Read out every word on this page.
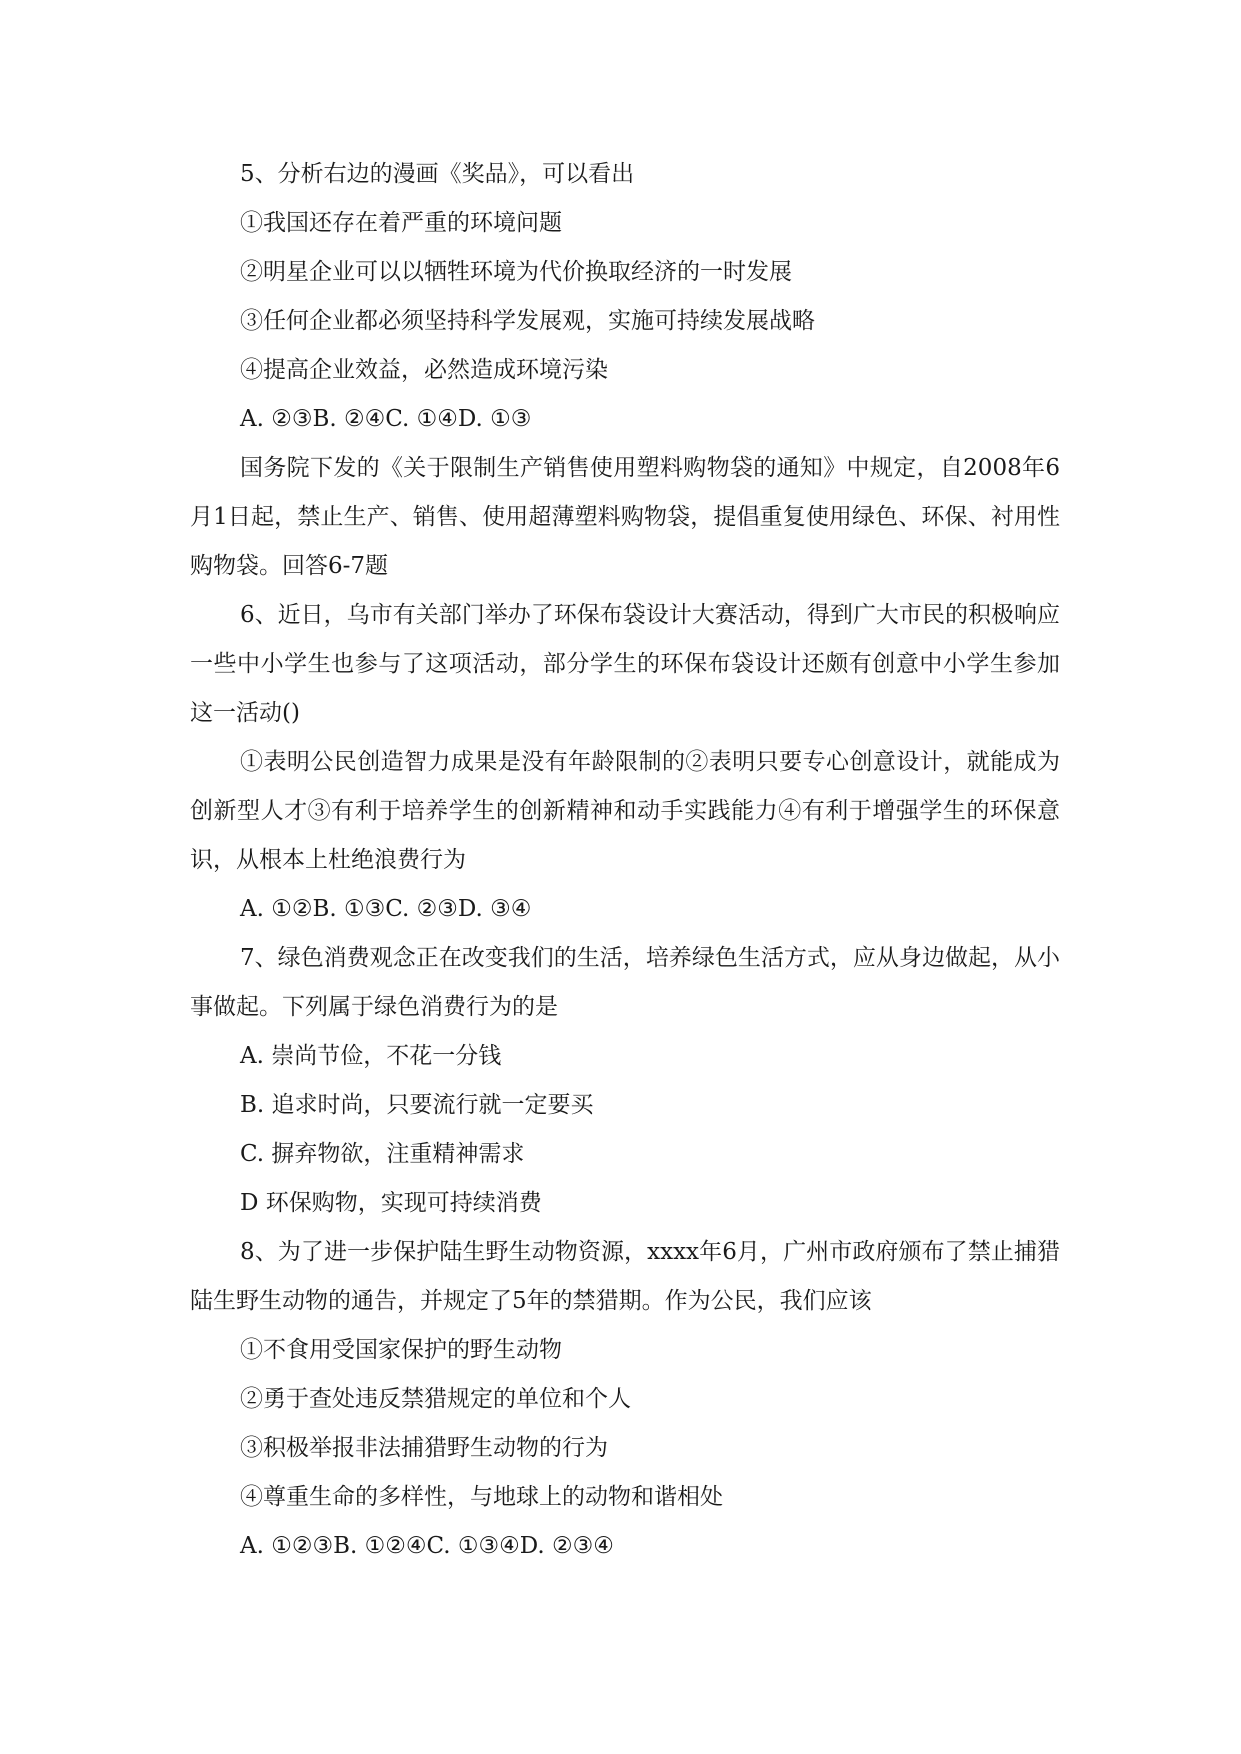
5、分析右边的漫画《奖品》，可以看出

①我国还存在着严重的环境问题

②明星企业可以以牺牲环境为代价换取经济的一时发展

③任何企业都必须坚持科学发展观，实施可持续发展战略

④提高企业效益，必然造成环境污染

A. ②③B. ②④C. ①④D. ①③

国务院下发的《关于限制生产销售使用塑料购物袋的通知》中规定，自2008年6月1日起，禁止生产、销售、使用超薄塑料购物袋，提倡重复使用绿色、环保、衬用性购物袋。回答6-7题

6、近日，乌市有关部门举办了环保布袋设计大赛活动，得到广大市民的积极响应一些中小学生也参与了这项活动，部分学生的环保布袋设计还颇有创意中小学生参加这一活动()

①表明公民创造智力成果是没有年龄限制的②表明只要专心创意设计，就能成为创新型人才③有利于培养学生的创新精神和动手实践能力④有利于增强学生的环保意识，从根本上杜绝浪费行为

A. ①②B. ①③C. ②③D. ③④

7、绿色消费观念正在改变我们的生活，培养绿色生活方式，应从身边做起，从小事做起。下列属于绿色消费行为的是

A. 崇尚节俭，不花一分钱

B. 追求时尚，只要流行就一定要买

C. 摒弃物欲，注重精神需求

D 环保购物，实现可持续消费

8、为了进一步保护陆生野生动物资源，xxxx年6月，广州市政府颁布了禁止捕猎陆生野生动物的通告，并规定了5年的禁猎期。作为公民，我们应该

①不食用受国家保护的野生动物

②勇于查处违反禁猎规定的单位和个人

③积极举报非法捕猎野生动物的行为

④尊重生命的多样性，与地球上的动物和谐相处

A. ①②③B. ①②④C. ①③④D. ②③④
